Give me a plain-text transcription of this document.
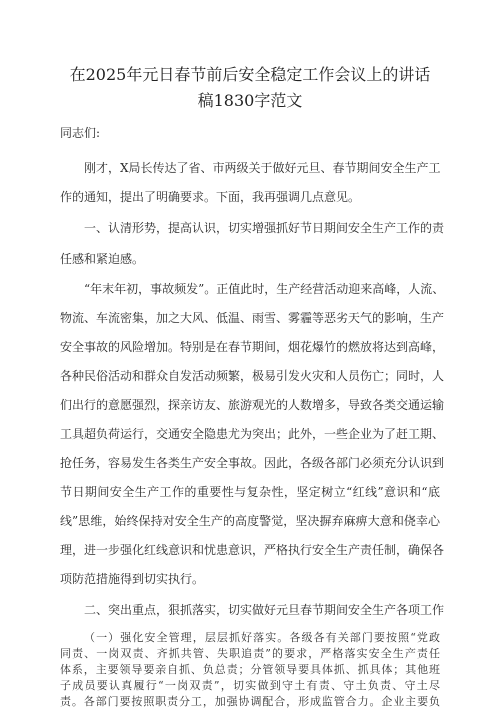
在2025年元日春节前后安全稳定工作会议上的讲话
稿1830字范文
同志们:
刚才，X局长传达了省、市两级关于做好元旦、春节期间安全生产工
作的通知，提出了明确要求。下面，我再强调几点意见。
一、认清形势，提高认识，切实增强抓好节日期间安全生产工作的责
任感和紧迫感。
“年末年初，事故频发”。正值此时，生产经营活动迎来高峰，人流、
物流、车流密集，加之大风、低温、雨雪、雾霾等恶劣天气的影响，生产
安全事故的风险增加。特别是在春节期间，烟花爆竹的燃放将达到高峰，
各种民俗活动和群众自发活动频繁，极易引发火灾和人员伤亡；同时，人
们出行的意愿强烈，探亲访友、旅游观光的人数增多，导致各类交通运输
工具超负荷运行，交通安全隐患尤为突出；此外，一些企业为了赶工期、
抢任务，容易发生各类生产安全事故。因此，各级各部门必须充分认识到
节日期间安全生产工作的重要性与复杂性，坚定树立“红线”意识和“底
线”思维，始终保持对安全生产的高度警觉，坚决摒弃麻痹大意和侥幸心
理，进一步强化红线意识和忧患意识，严格执行安全生产责任制，确保各
项防范措施得到切实执行。
二、突出重点，狠抓落实，切实做好元旦春节期间安全生产各项工作
（一）强化安全管理，层层抓好落实。各级各有关部门要按照“党政
同责、一岗双责、齐抓共管、失职追责”的要求，严格落实安全生产责任
体系，主要领导要亲自抓、负总责；分管领导要具体抓、抓具体；其他班
子成员要认真履行“一岗双责”，切实做到守土有责、守土负责、守土尽
责。各部门要按照职责分工，加强协调配合，形成监管合力。企业主要负
